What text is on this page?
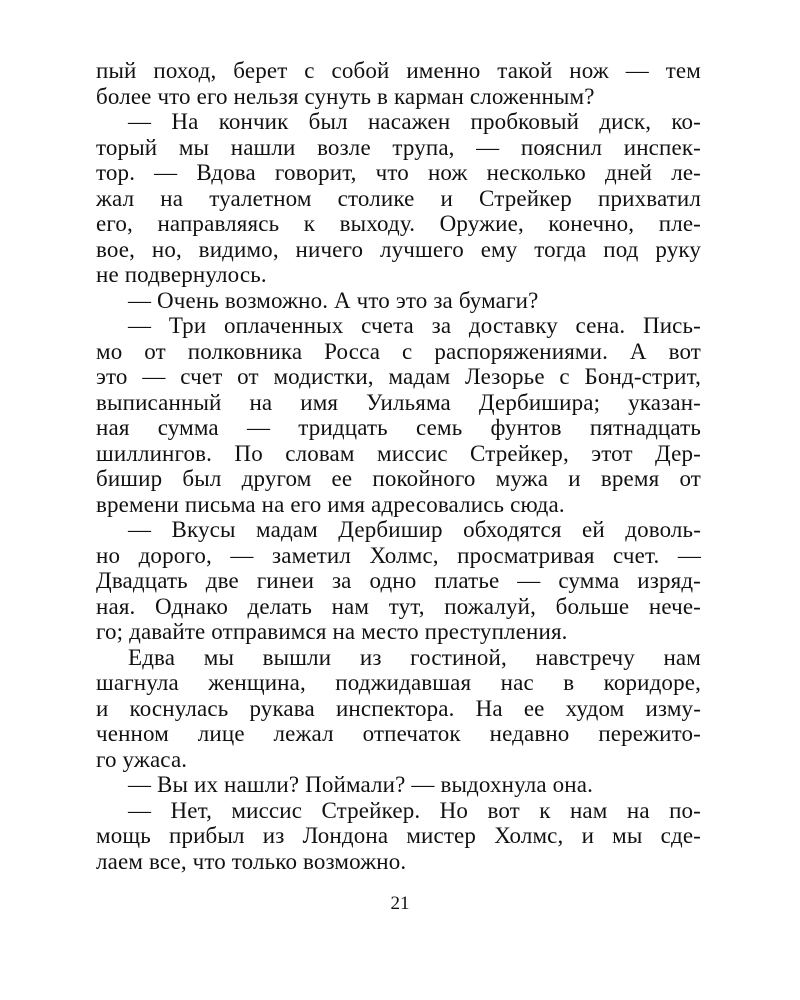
пый поход, берет с собой именно такой нож — тем

более что его нельзя сунуть в карман сложенным?

— На кончик был насажен пробковый диск, ко-

торый мы нашли возле трупа, — пояснил инспек-

тор. — Вдова говорит, что нож несколько дней ле-

жал на туалетном столике и Стрейкер прихватил

его, направляясь к выходу. Оружие, конечно, пле-

вое, но, видимо, ничего лучшего ему тогда под руку

не подвернулось.

— Очень возможно. А что это за бумаги?

— Три оплаченных счета за доставку сена. Пись-

мо от полковника Росса с распоряжениями. А вот

это — счет от модистки, мадам Лезорье с Бонд-стрит,

выписанный на имя Уильяма Дербишира; указан-

ная сумма — тридцать семь фунтов пятнадцать

шиллингов. По словам миссис Стрейкер, этот Дер-

бишир был другом ее покойного мужа и время от

времени письма на его имя адресовались сюда.

— Вкусы мадам Дербишир обходятся ей доволь-

но дорого, — заметил Холмс, просматривая счет. —

Двадцать две гинеи за одно платье — сумма изряд-

ная. Однако делать нам тут, пожалуй, больше нече-

го; давайте отправимся на место преступления.

Едва мы вышли из гостиной, навстречу нам

шагнула женщина, поджидавшая нас в коридоре,

и коснулась рукава инспектора. На ее худом изму-

ченном лице лежал отпечаток недавно пережито-

го ужаса.

— Вы их нашли? Поймали? — выдохнула она.

— Нет, миссис Стрейкер. Но вот к нам на по-

мощь прибыл из Лондона мистер Холмс, и мы сде-

лаем все, что только возможно.

21
